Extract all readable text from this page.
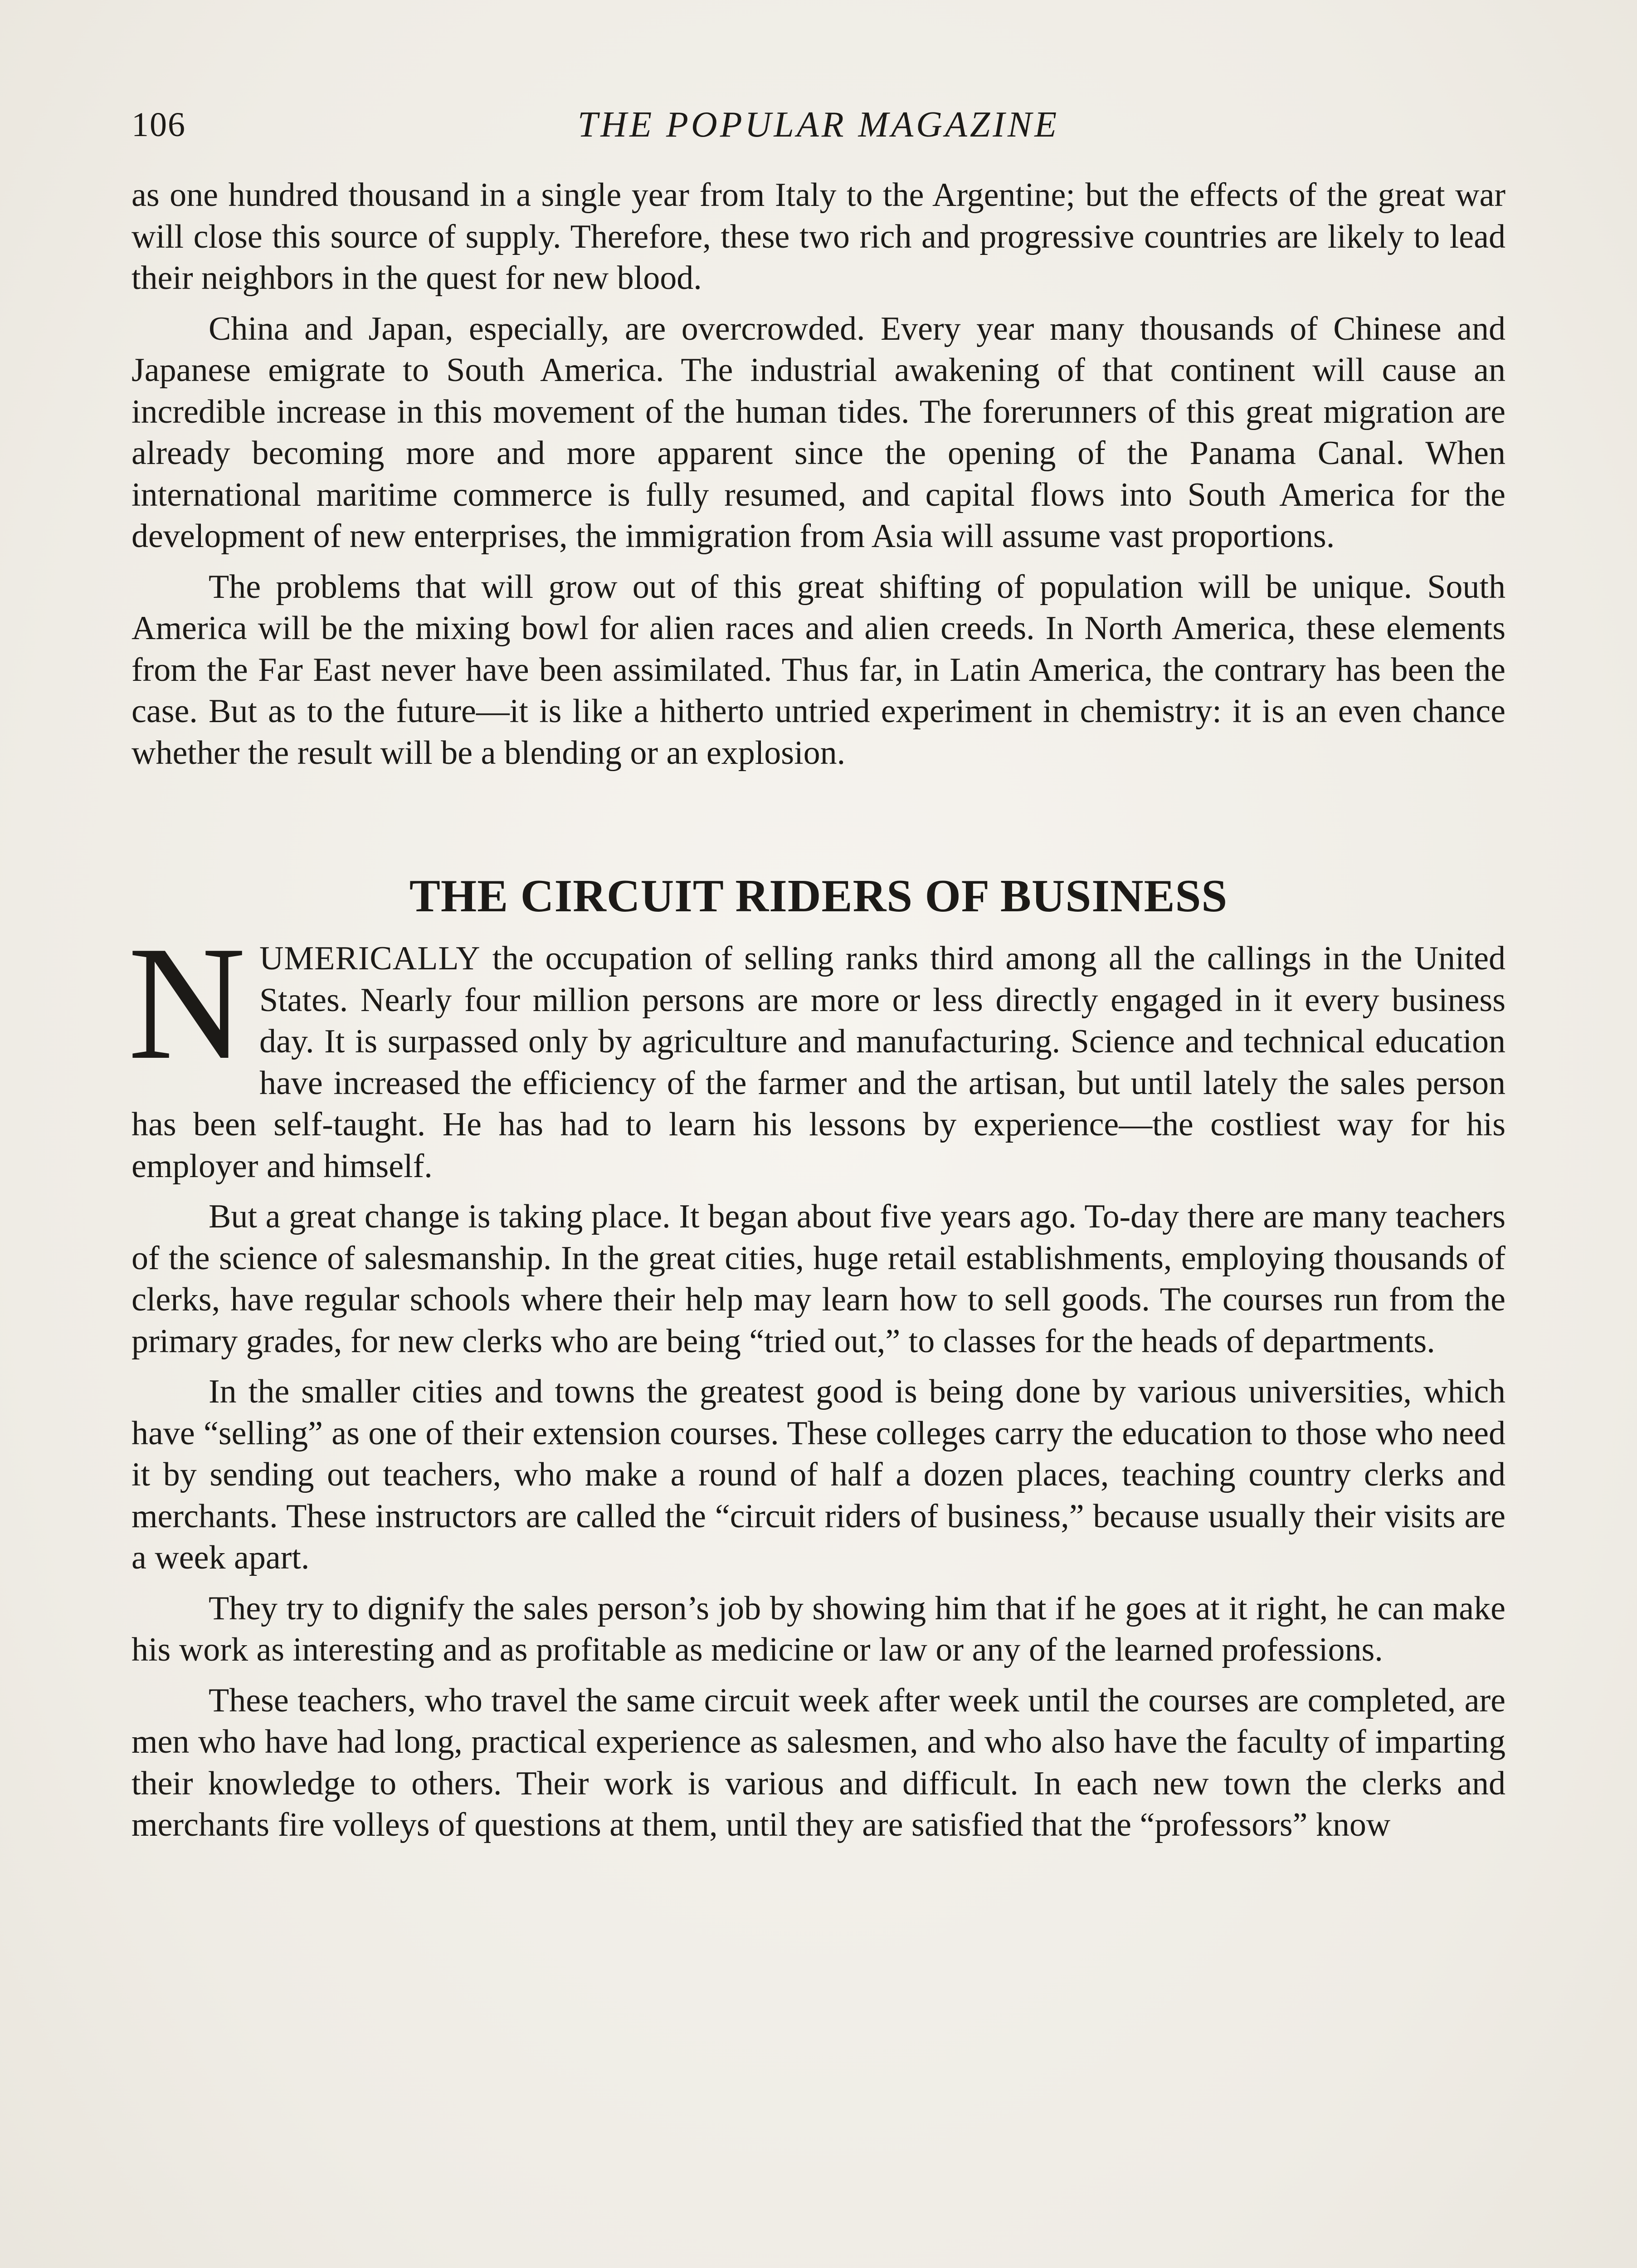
106	THE POPULAR MAGAZINE

as one hundred thousand in a single year from Italy to the Argentine; but the effects of the great war will close this source of supply. Therefore, these two rich and progressive countries are likely to lead their neighbors in the quest for new blood.

China and Japan, especially, are overcrowded. Every year many thousands of Chinese and Japanese emigrate to South America. The industrial awakening of that continent will cause an incredible increase in this movement of the human tides. The forerunners of this great migration are already becoming more and more apparent since the opening of the Panama Canal. When international maritime commerce is fully resumed, and capital flows into South America for the development of new enterprises, the immigration from Asia will assume vast proportions.

The problems that will grow out of this great shifting of population will be unique. South America will be the mixing bowl for alien races and alien creeds. In North America, these elements from the Far East never have been assimilated. Thus far, in Latin America, the contrary has been the case. But as to the future—it is like a hitherto untried experiment in chemistry: it is an even chance whether the result will be a blending or an explosion.

THE CIRCUIT RIDERS OF BUSINESS

NUMERICALLY the occupation of selling ranks third among all the callings in the United States. Nearly four million persons are more or less directly engaged in it every business day. It is surpassed only by agriculture and manufacturing. Science and technical education have increased the efficiency of the farmer and the artisan, but until lately the sales person has been self-taught. He has had to learn his lessons by experience—the costliest way for his employer and himself.

But a great change is taking place. It began about five years ago. To-day there are many teachers of the science of salesmanship. In the great cities, huge retail establishments, employing thousands of clerks, have regular schools where their help may learn how to sell goods. The courses run from the primary grades, for new clerks who are being “tried out,” to classes for the heads of departments.

In the smaller cities and towns the greatest good is being done by various universities, which have “selling” as one of their extension courses. These colleges carry the education to those who need it by sending out teachers, who make a round of half a dozen places, teaching country clerks and merchants. These instructors are called the “circuit riders of business,” because usually their visits are a week apart.

They try to dignify the sales person’s job by showing him that if he goes at it right, he can make his work as interesting and as profitable as medicine or law or any of the learned professions.

These teachers, who travel the same circuit week after week until the courses are completed, are men who have had long, practical experience as salesmen, and who also have the faculty of imparting their knowledge to others. Their work is various and difficult. In each new town the clerks and merchants fire volleys of questions at them, until they are satisfied that the “professors” know
